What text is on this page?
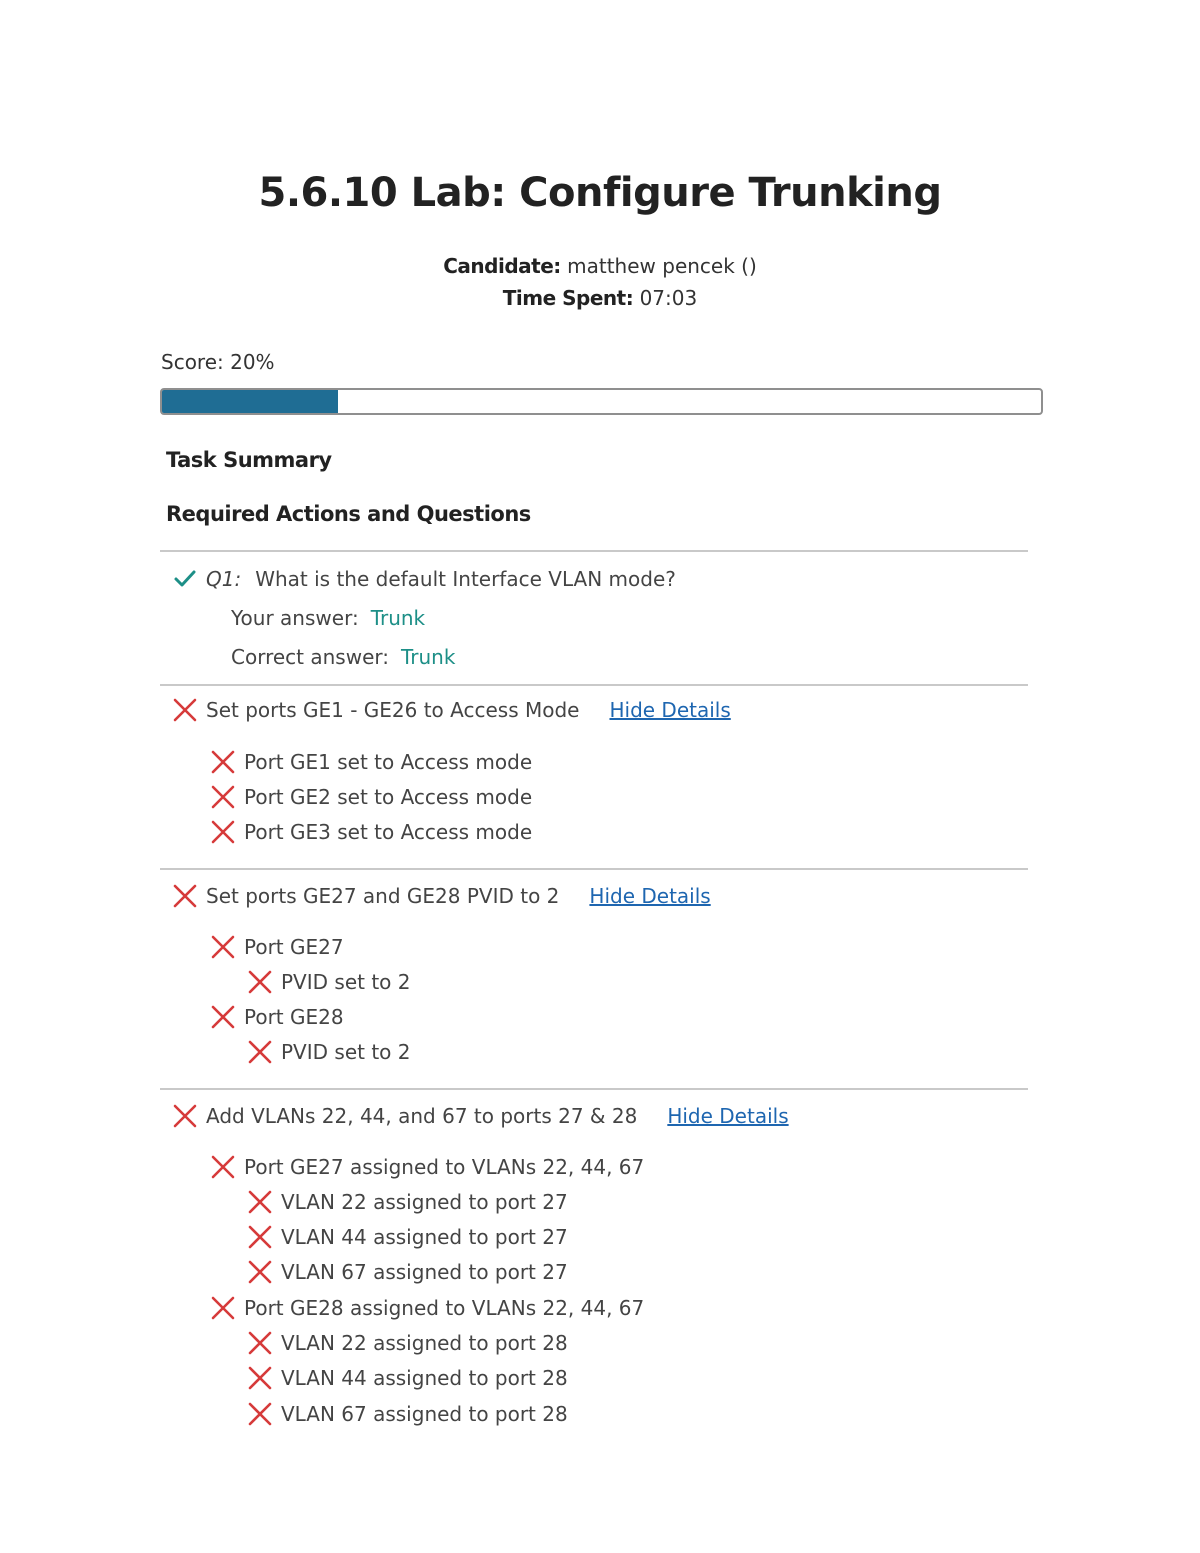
5.6.10 Lab: Configure Trunking
Candidate: matthew pencek ()
Time Spent: 07:03
Score: 20%
Task Summary
Required Actions and Questions
Q1: What is the default Interface VLAN mode?
Your answer: Trunk
Correct answer: Trunk
Set ports GE1 - GE26 to Access Mode Hide Details
Port GE1 set to Access mode
Port GE2 set to Access mode
Port GE3 set to Access mode
Set ports GE27 and GE28 PVID to 2 Hide Details
Port GE27
PVID set to 2
Port GE28
PVID set to 2
Add VLANs 22, 44, and 67 to ports 27 & 28 Hide Details
Port GE27 assigned to VLANs 22, 44, 67
VLAN 22 assigned to port 27
VLAN 44 assigned to port 27
VLAN 67 assigned to port 27
Port GE28 assigned to VLANs 22, 44, 67
VLAN 22 assigned to port 28
VLAN 44 assigned to port 28
VLAN 67 assigned to port 28
